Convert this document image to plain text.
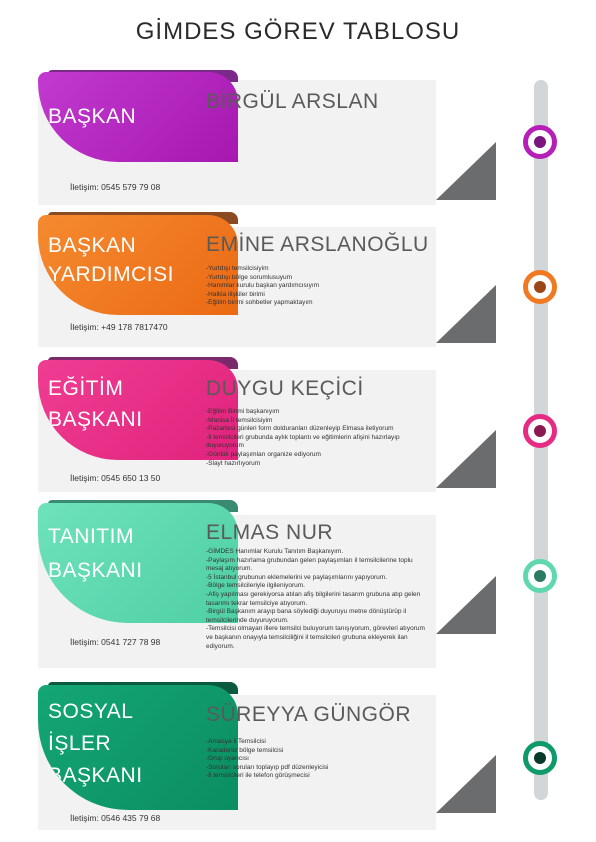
GİMDES GÖREV TABLOSU
BAŞKAN
BİRGÜL ARSLAN
İletişim: 0545 579 79 08
BAŞKAN
YARDIMCISI
EMİNE ARSLANOĞLU
-Yurtdışı temsilcisiyim
-Yurtdışı bölge sorumlusuyum
-Hanımlar kurulu başkan yardımcısıyım
-Halkla ilişkiler birimi
-Eğitim birimi sohbetler yapmaktayım
İletişim: +49 178 7817470
EĞİTİM
BAŞKANI
DUYGU KEÇİCİ
-Eğitim Birimi başkanıyım
-Manisa İl temsilcisiyim
-Pazartesi günleri form dolduranları düzenleyip Elmasa iletiyorum
-İl temsilcileri grubunda aylık toplantı ve eğitimlerin afişini hazırlayıp duyuruyorum
-Günlük paylaşımları organize ediyorum
-Slayt hazırlıyorum
İletişim: 0545 650 13 50
TANITIM
BAŞKANI
ELMAS NUR
-GİMDES Hanımlar Kurulu Tanıtım Başkanıyım.
-Paylaşım hazırlama grubundan gelen paylaşımları il temsilcilerine toplu mesaj atıyorum.
-5 İstanbul grubunun eklemelerini ve paylaşımlarını yapıyorum.
-Bölge temsilcileriyle ilgileniyorum.
-Afiş yapılması gerekiyorsa atılan afiş bilgilerini tasarım grubuna atıp gelen tasarımı tekrar temsilciye atıyorum.
-Birgül Başkanım arayıp bana söylediği duyuruyu metne dönüştürüp il temsilcilerinde duyuruyorum.
-Temsilcisi olmayan illere temsilci buluyorum tanışıyorum, görevleri atıyorum ve başkanın onayıyla temsilciliğini il temsilcileri grubuna ekleyerek ilan ediyorum.
İletişim: 0541 727 78 98
SOSYAL
İŞLER
BAŞKANI
SÜREYYA GÜNGÖR
-Amasya il Temsilcisi
-Karadeniz bölge temsilcisi
-Grup uyarıcısı
-Soruları soruları toplayıp pdf düzenleyicisi
-İl temsilcileri ile telefon görüşmecisi
İletişim: 0546 435 79 68
